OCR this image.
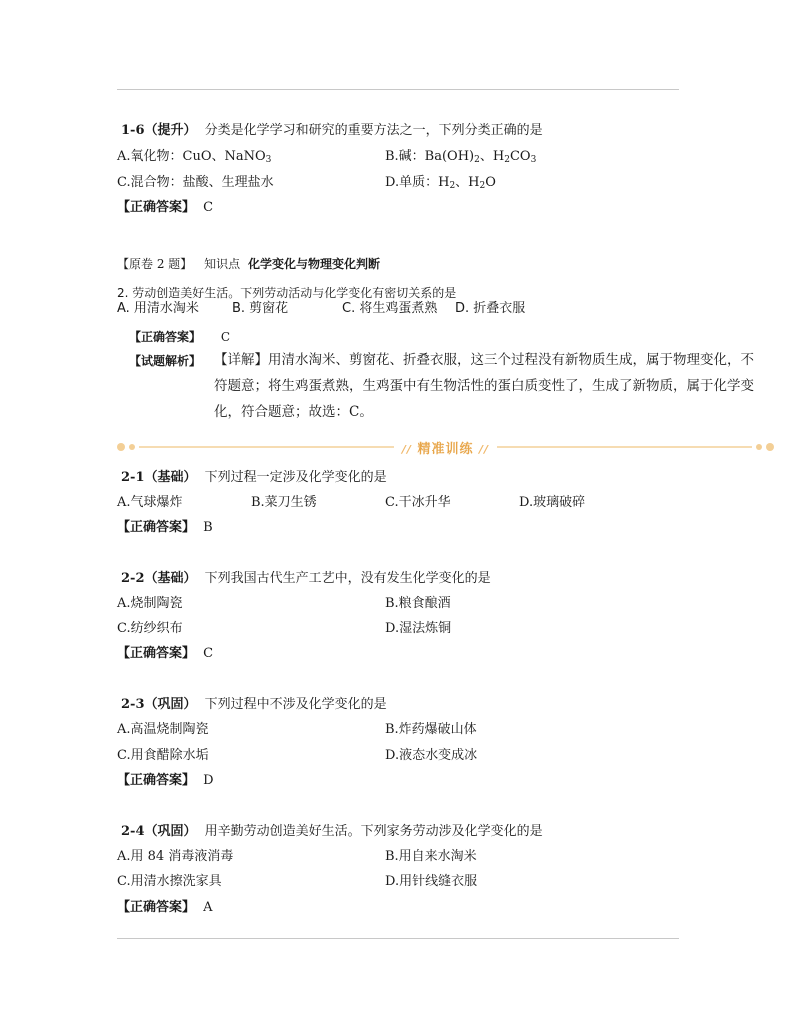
1-6（提升） 分类是化学学习和研究的重要方法之一，下列分类正确的是
A.氧化物：CuO、NaNO$_3$	B.碱：$Ba(OH)_2$、$H_2CO_3$
C.混合物：盐酸、生理盐水	D.单质：$H_2$、$H_2O$
【正确答案】 C
【原卷 2 题】 知识点 化学变化与物理变化判断
2. 劳动创造美好生活。下列劳动活动与化学变化有密切关系的是
A. 用清水淘米	B. 剪窗花	C. 将生鸡蛋煮熟 D. 折叠衣服
【正确答案】 C
【试题解析】 【详解】用清水淘米、剪窗花、折叠衣服，这三个过程没有新物质生成，属于物理变化，不符题意；将生鸡蛋煮熟，生鸡蛋中有生物活性的蛋白质变性了，生成了新物质，属于化学变化，符合题意；故选：C。
// 精准训练 //
2-1（基础） 下列过程一定涉及化学变化的是
A.气球爆炸	B.菜刀生锈	C.干冰升华	D.玻璃破碎
【正确答案】 B
2-2（基础） 下列我国古代生产工艺中，没有发生化学变化的是
A.烧制陶瓷	B.粮食酿酒
C.纺纱织布	D.湿法炼铜
【正确答案】 C
2-3（巩固） 下列过程中不涉及化学变化的是
A.高温烧制陶瓷	B.炸药爆破山体
C.用食醋除水垢	D.液态水变成冰
【正确答案】 D
2-4（巩固） 用辛勤劳动创造美好生活。下列家务劳动涉及化学变化的是
A.用 84 消毒液消毒	B.用自来水淘米
C.用清水擦洗家具	D.用针线缝衣服
【正确答案】 A
